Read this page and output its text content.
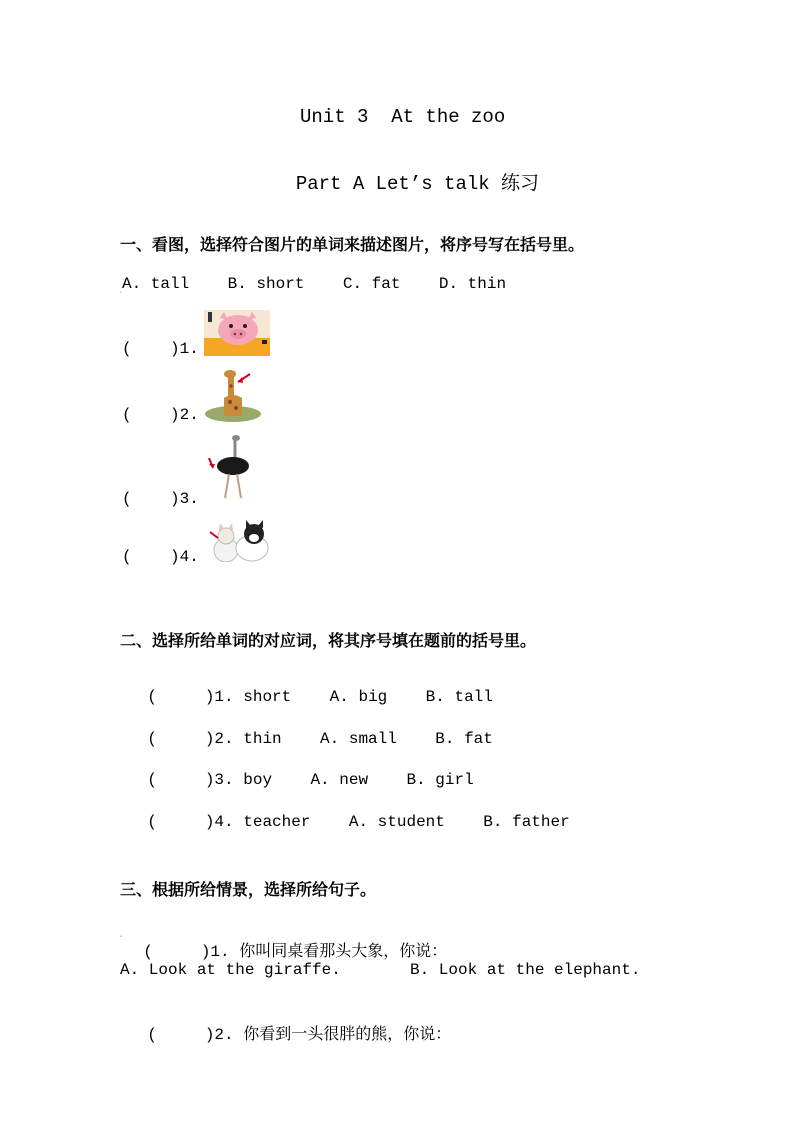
Unit 3  At the zoo

Part A Let’s talk 练习

一、看图，选择符合图片的单词来描述图片，将序号写在括号里。
.
A. tall    B. short    C. fat    D. thin
(    )1.
(    )2.
(    )3.
(    )4.
二、选择所给单词的对应词，将其序号填在题前的括号里。

(     )1. short A. big B. tall

(     )2. thin A. small B. fat

(     )3. boy A. new B. girl

(     )4. teacher A. student B. father

三、根据所给情景，选择所给句子。
.

(     )1. 你叫同桌看那头大象，你说：

A. Look at the giraffe.	B. Look at the elephant.

(     )2. 你看到一头很胖的熊，你说：
